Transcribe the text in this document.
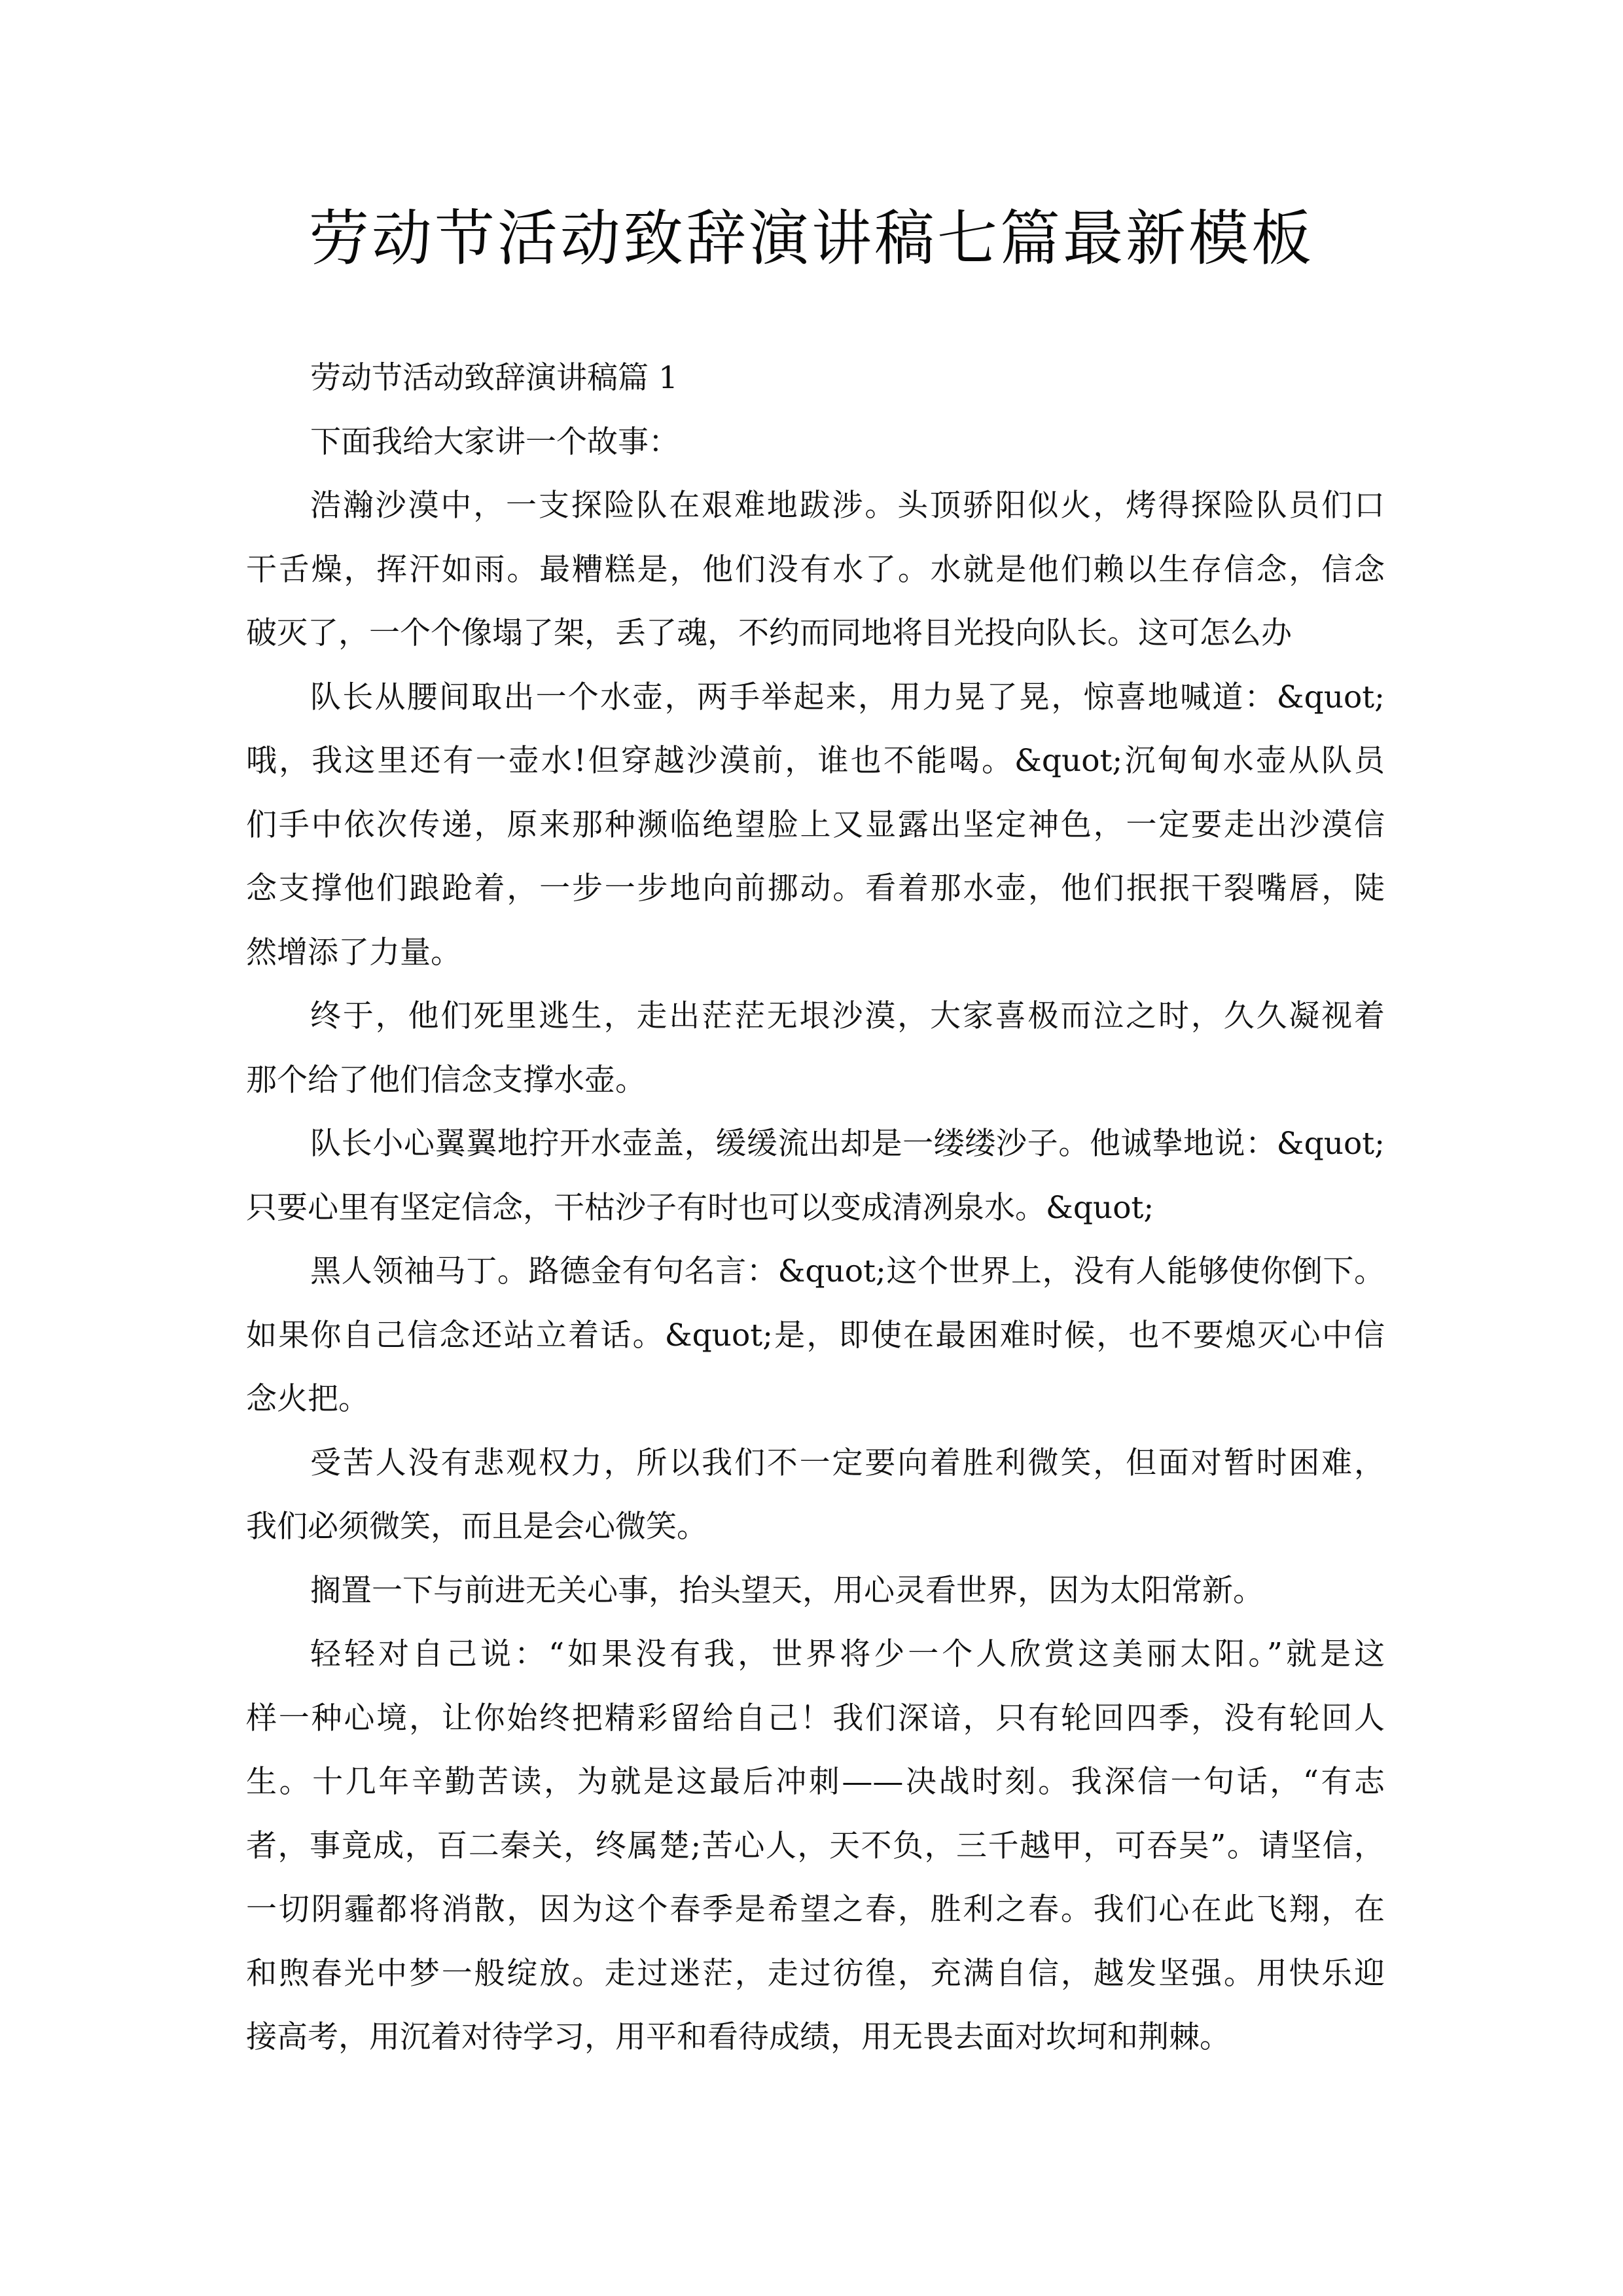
劳动节活动致辞演讲稿七篇最新模板
劳动节活动致辞演讲稿篇 1
下面我给大家讲一个故事：
浩瀚沙漠中，一支探险队在艰难地跋涉。头顶骄阳似火，烤得探险队员们口
干舌燥，挥汗如雨。最糟糕是，他们没有水了。水就是他们赖以生存信念，信念
破灭了，一个个像塌了架，丢了魂，不约而同地将目光投向队长。这可怎么办
队长从腰间取出一个水壶，两手举起来，用力晃了晃，惊喜地喊道：&quot;
哦，我这里还有一壶水!但穿越沙漠前，谁也不能喝。&quot;沉甸甸水壶从队员
们手中依次传递，原来那种濒临绝望脸上又显露出坚定神色，一定要走出沙漠信
念支撑他们踉跄着，一步一步地向前挪动。看着那水壶，他们抿抿干裂嘴唇，陡
然增添了力量。
终于，他们死里逃生，走出茫茫无垠沙漠，大家喜极而泣之时，久久凝视着
那个给了他们信念支撑水壶。
队长小心翼翼地拧开水壶盖，缓缓流出却是一缕缕沙子。他诚挚地说：&quot;
只要心里有坚定信念，干枯沙子有时也可以变成清冽泉水。&quot;
黑人领袖马丁。路德金有句名言：&quot;这个世界上，没有人能够使你倒下。
如果你自己信念还站立着话。&quot;是，即使在最困难时候，也不要熄灭心中信
念火把。
受苦人没有悲观权力，所以我们不一定要向着胜利微笑，但面对暂时困难，
我们必须微笑，而且是会心微笑。
搁置一下与前进无关心事，抬头望天，用心灵看世界，因为太阳常新。
轻轻对自己说：“如果没有我，世界将少一个人欣赏这美丽太阳。”就是这
样一种心境，让你始终把精彩留给自己！我们深谙，只有轮回四季，没有轮回人
生。十几年辛勤苦读，为就是这最后冲刺——决战时刻。我深信一句话，“有志
者，事竟成，百二秦关，终属楚;苦心人，天不负，三千越甲，可吞吴”。请坚信，
一切阴霾都将消散，因为这个春季是希望之春，胜利之春。我们心在此飞翔，在
和煦春光中梦一般绽放。走过迷茫，走过彷徨，充满自信，越发坚强。用快乐迎
接高考，用沉着对待学习，用平和看待成绩，用无畏去面对坎坷和荆棘。
